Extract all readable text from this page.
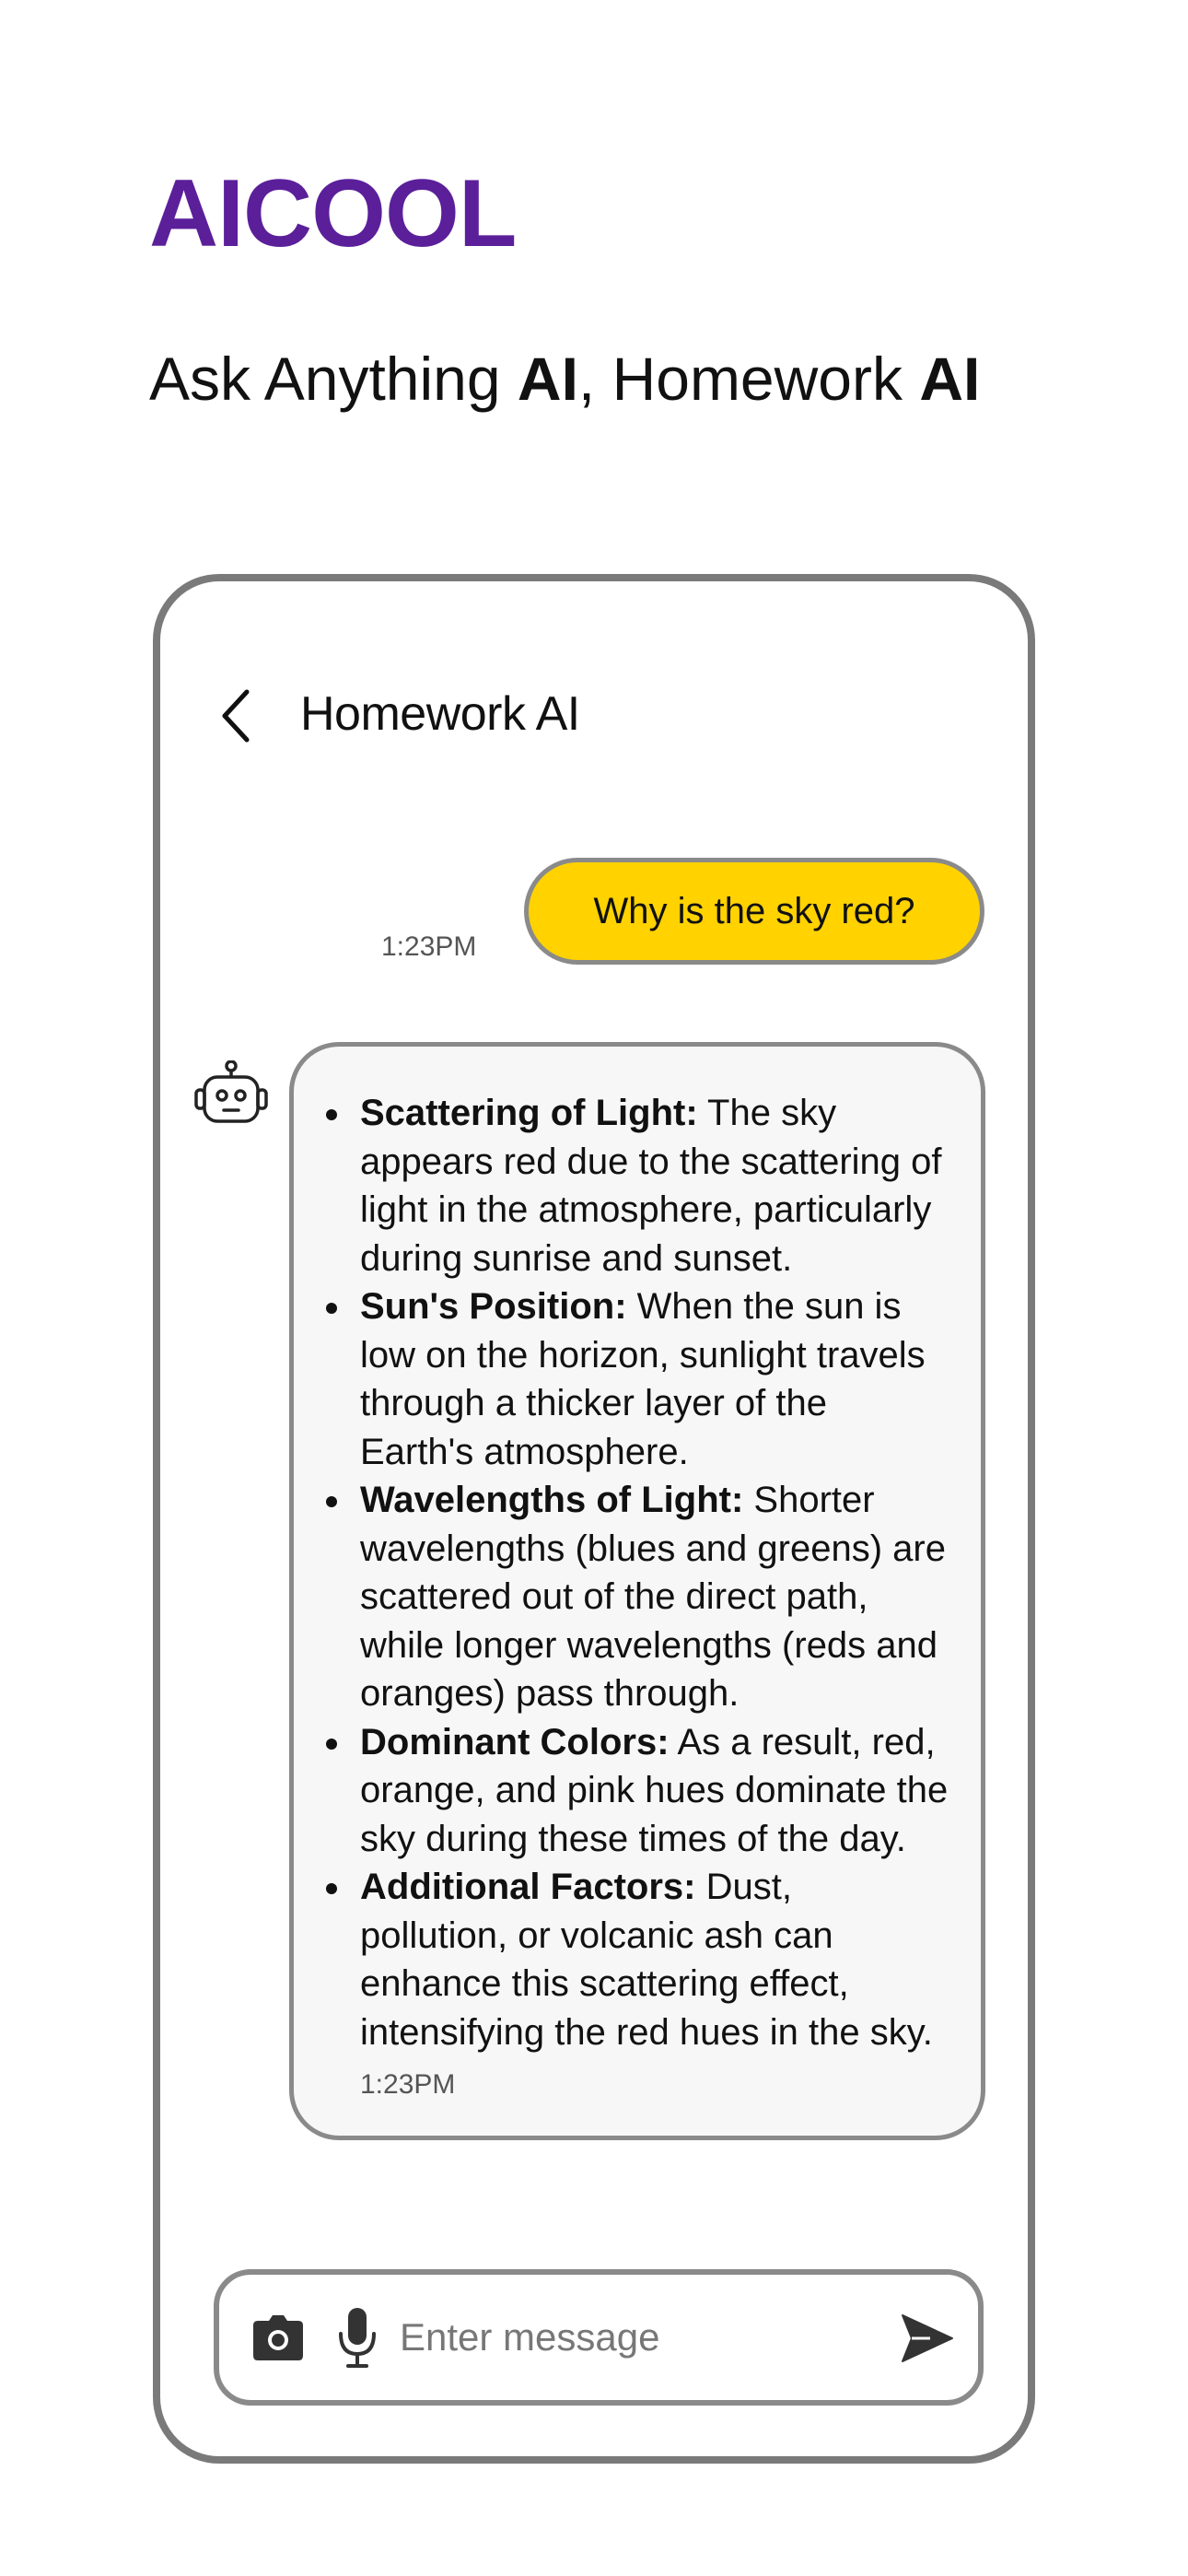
AICOOL
Ask Anything AI, Homework AI
Homework AI
Why is the sky red?
1:23PM
Scattering of Light: The sky appears red due to the scattering of light in the atmosphere, particularly during sunrise and sunset.
Sun's Position: When the sun is low on the horizon, sunlight travels through a thicker layer of the Earth's atmosphere.
Wavelengths of Light: Shorter wavelengths (blues and greens) are scattered out of the direct path, while longer wavelengths (reds and oranges) pass through.
Dominant Colors: As a result, red, orange, and pink hues dominate the sky during these times of the day.
Additional Factors: Dust, pollution, or volcanic ash can enhance this scattering effect, intensifying the red hues in the sky.
1:23PM
Enter message
